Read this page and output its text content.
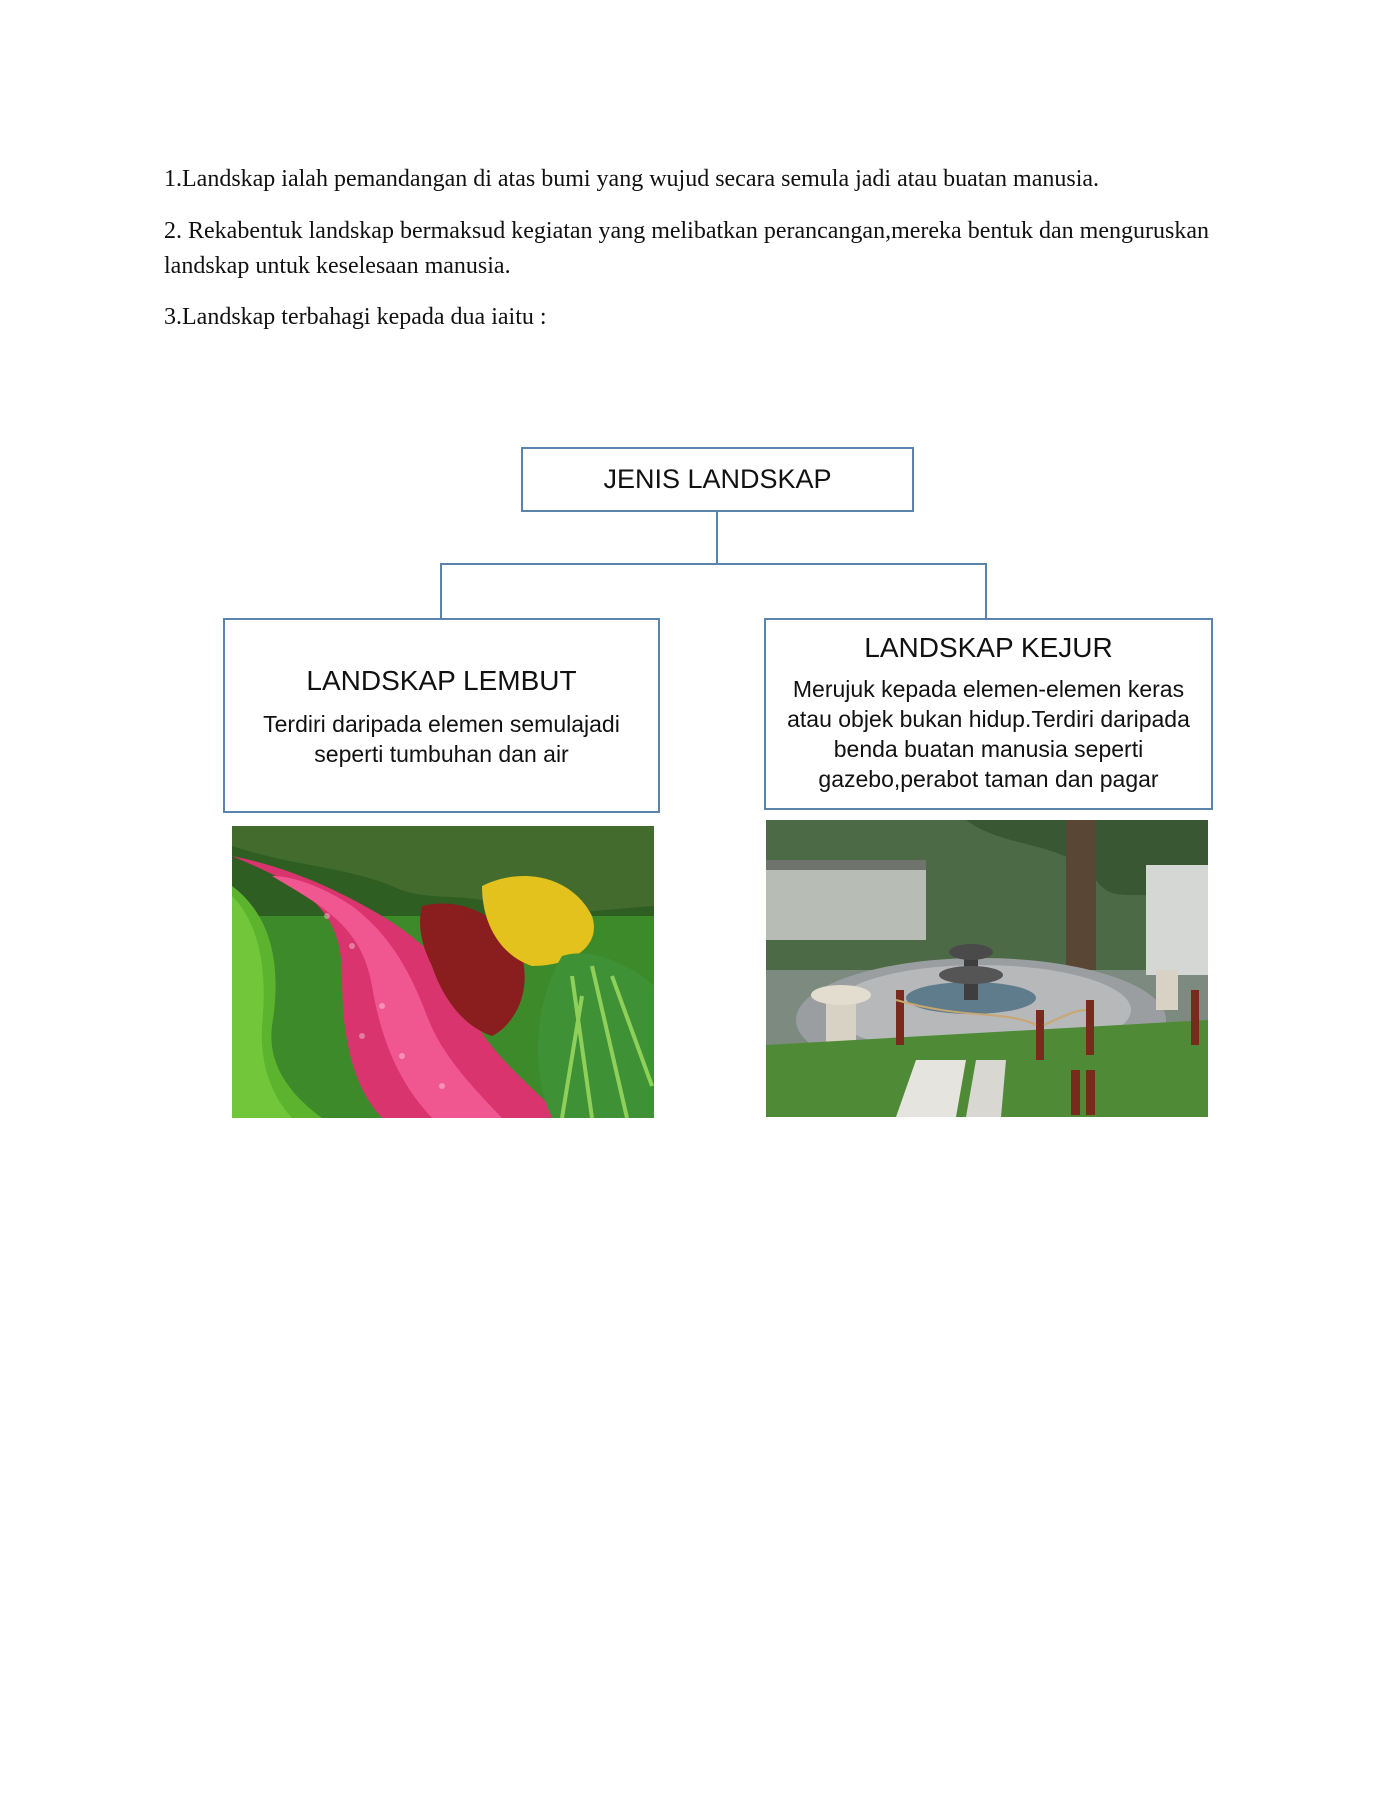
1.Landskap ialah pemandangan di atas bumi yang wujud secara semula jadi atau buatan manusia.

2. Rekabentuk landskap bermaksud kegiatan yang melibatkan perancangan,mereka bentuk dan menguruskan landskap untuk keselesaan manusia.

3.Landskap terbahagi kepada dua iaitu :

JENIS LANDSKAP
LANDSKAP LEMBUT
Terdiri daripada elemen semulajadi seperti tumbuhan dan air
LANDSKAP KEJUR
Merujuk kepada elemen-elemen keras atau objek bukan hidup.Terdiri daripada benda buatan manusia seperti gazebo,perabot taman dan pagar
